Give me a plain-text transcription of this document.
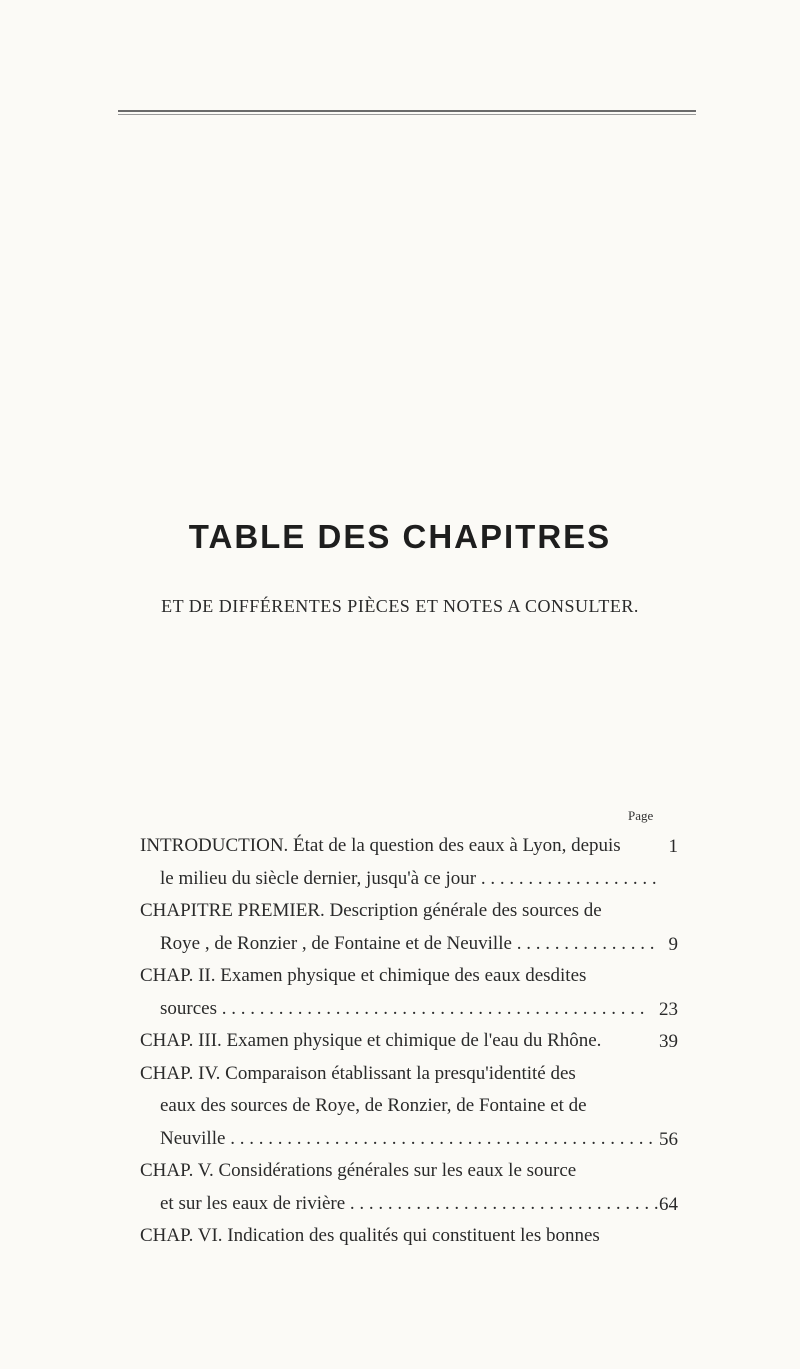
TABLE DES CHAPITRES
ET DE DIFFÉRENTES PIÈCES ET NOTES A CONSULTER.
Page
INTRODUCTION. État de la question des eaux à Lyon, depuis
le milieu du siècle dernier, jusqu'à ce jour . . .
CHAPITRE PREMIER. Description générale des sources de
Roye , de Ronzier , de Fontaine et de Neuville . . .
CHAP. II. Examen physique et chimique des eaux desdites
sources . . .
CHAP. III. Examen physique et chimique de l'eau du Rhône.
CHAP. IV. Comparaison établissant la presqu'identité des
eaux des sources de Roye, de Ronzier, de Fontaine et de
Neuville . . .
CHAP. V. Considérations générales sur les eaux le source
et sur les eaux de rivière . . .
CHAP. VI. Indication des qualités qui constituent les bonnes
1
9
23
39
56
64
